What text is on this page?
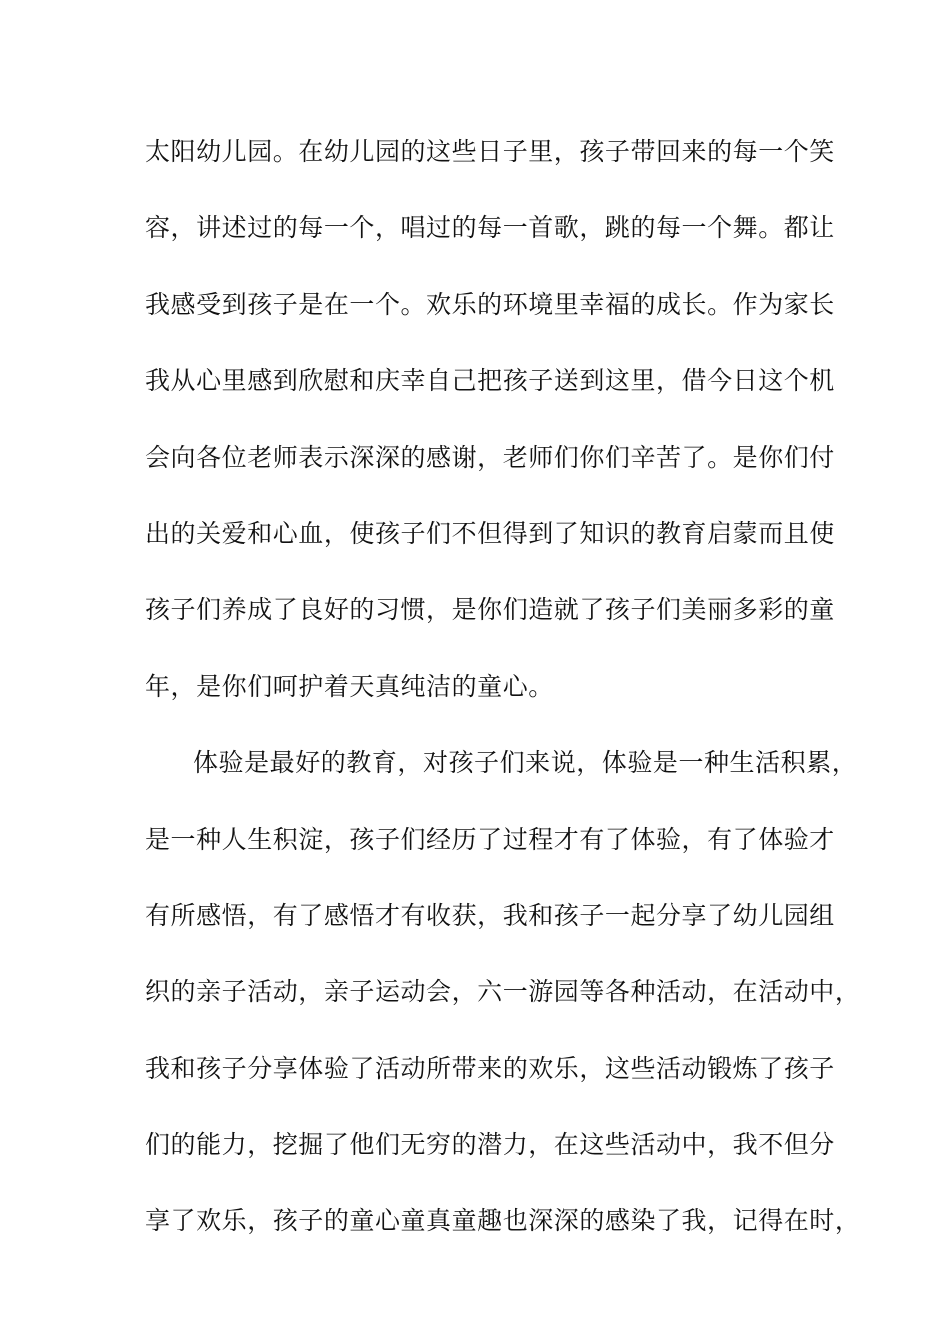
太阳幼儿园。在幼儿园的这些日子里，孩子带回来的每一个笑
容，讲述过的每一个，唱过的每一首歌，跳的每一个舞。都让
我感受到孩子是在一个。欢乐的环境里幸福的成长。作为家长
我从心里感到欣慰和庆幸自己把孩子送到这里，借今日这个机
会向各位老师表示深深的感谢，老师们你们辛苦了。是你们付
出的关爱和心血，使孩子们不但得到了知识的教育启蒙而且使
孩子们养成了良好的习惯，是你们造就了孩子们美丽多彩的童
年，是你们呵护着天真纯洁的童心。
体验是最好的教育，对孩子们来说，体验是一种生活积累，
是一种人生积淀，孩子们经历了过程才有了体验，有了体验才
有所感悟，有了感悟才有收获，我和孩子一起分享了幼儿园组
织的亲子活动，亲子运动会，六一游园等各种活动，在活动中，
我和孩子分享体验了活动所带来的欢乐，这些活动锻炼了孩子
们的能力，挖掘了他们无穷的潜力，在这些活动中，我不但分
享了欢乐，孩子的童心童真童趣也深深的感染了我，记得在时，
